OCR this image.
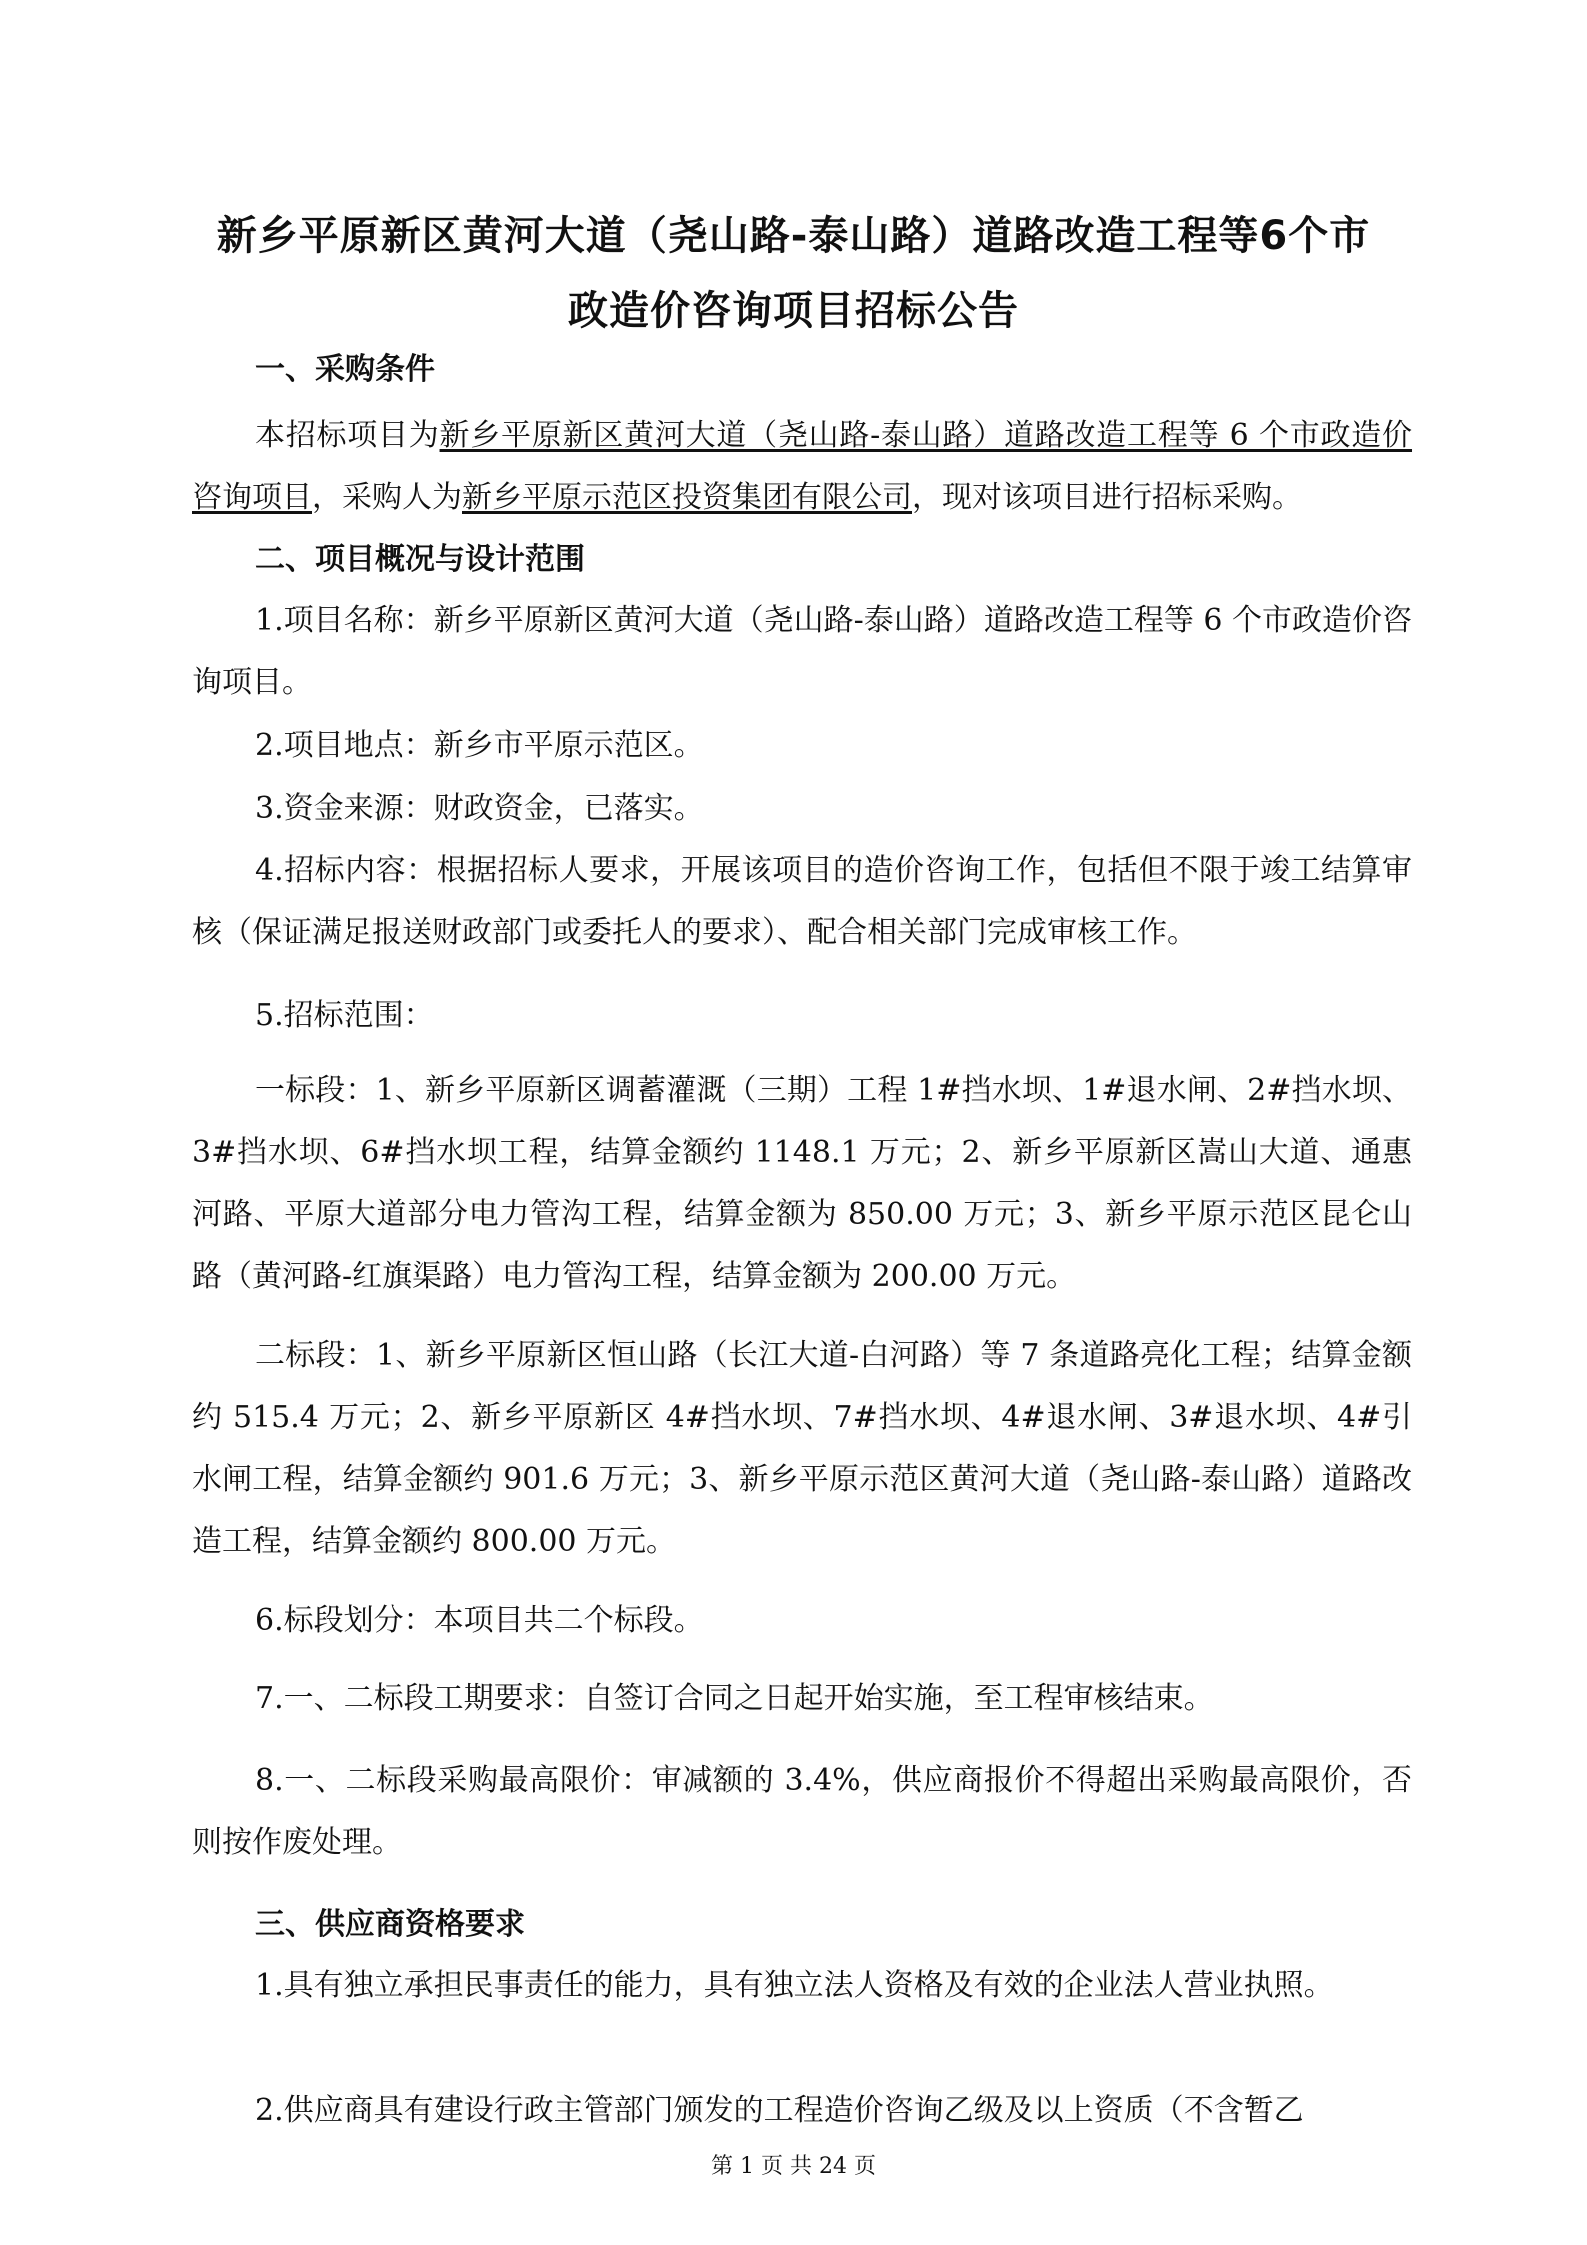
新乡平原新区黄河大道（尧山路-泰山路）道路改造工程等6个市
政造价咨询项目招标公告
一、采购条件
本招标项目为新乡平原新区黄河大道（尧山路-泰山路）道路改造工程等 6 个市政造价咨询项目，采购人为新乡平原示范区投资集团有限公司，现对该项目进行招标采购。
二、项目概况与设计范围
1.项目名称：新乡平原新区黄河大道（尧山路-泰山路）道路改造工程等 6 个市政造价咨询项目。
2.项目地点：新乡市平原示范区。
3.资金来源：财政资金，已落实。
4.招标内容：根据招标人要求，开展该项目的造价咨询工作，包括但不限于竣工结算审核（保证满足报送财政部门或委托人的要求）、配合相关部门完成审核工作。
5.招标范围：
一标段：1、新乡平原新区调蓄灌溉（三期）工程 1#挡水坝、1#退水闸、2#挡水坝、3#挡水坝、6#挡水坝工程，结算金额约 1148.1 万元；2、新乡平原新区嵩山大道、通惠河路、平原大道部分电力管沟工程，结算金额为 850.00 万元；3、新乡平原示范区昆仑山路（黄河路-红旗渠路）电力管沟工程，结算金额为 200.00 万元。
二标段：1、新乡平原新区恒山路（长江大道-白河路）等 7 条道路亮化工程；结算金额约 515.4 万元；2、新乡平原新区 4#挡水坝、7#挡水坝、4#退水闸、3#退水坝、4#引水闸工程，结算金额约 901.6 万元；3、新乡平原示范区黄河大道（尧山路-泰山路）道路改造工程，结算金额约 800.00 万元。
6.标段划分：本项目共二个标段。
7.一、二标段工期要求：自签订合同之日起开始实施，至工程审核结束。
8.一、二标段采购最高限价：审减额的 3.4%，供应商报价不得超出采购最高限价，否则按作废处理。
三、供应商资格要求
1.具有独立承担民事责任的能力，具有独立法人资格及有效的企业法人营业执照。
2.供应商具有建设行政主管部门颁发的工程造价咨询乙级及以上资质（不含暂乙
第 1 页 共 24 页
